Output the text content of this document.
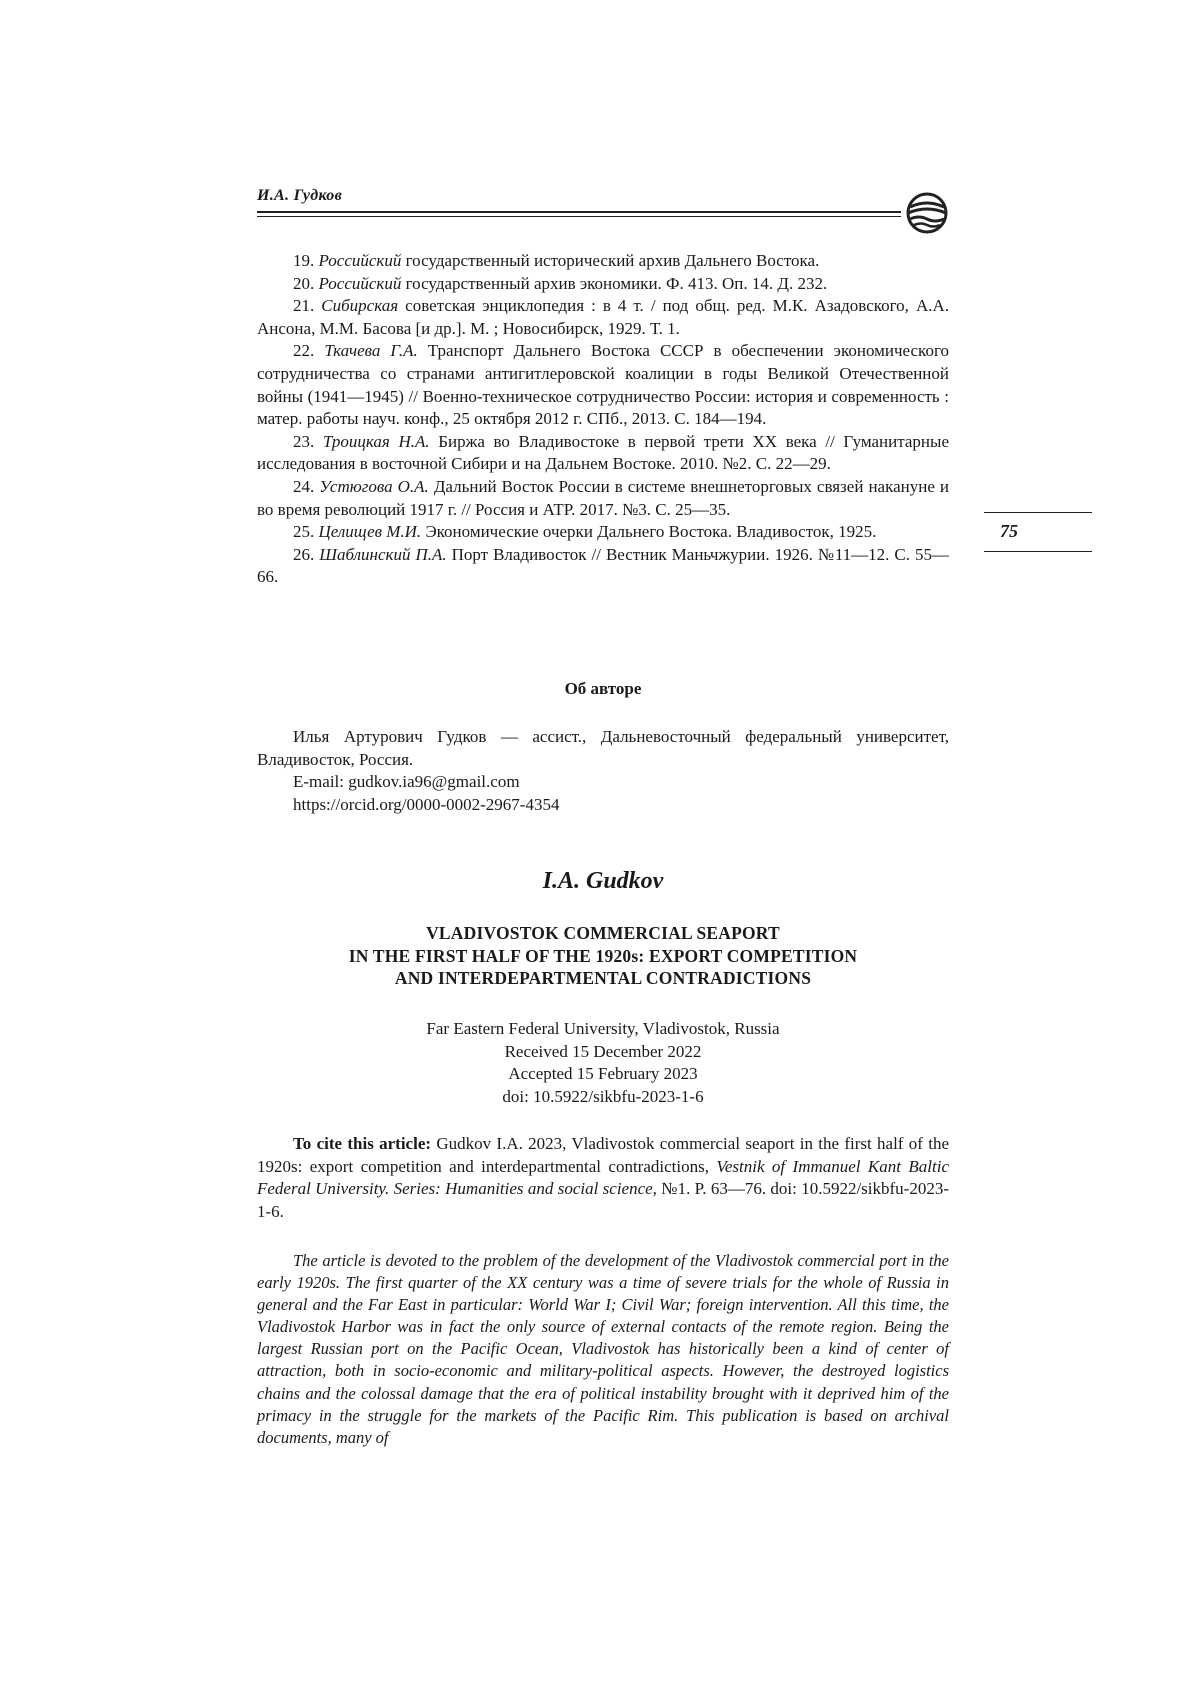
И.А. Гудков

19. Российский государственный исторический архив Дальнего Востока.

20. Российский государственный архив экономики. Ф. 413. Оп. 14. Д. 232.

21. Сибирская советская энциклопедия : в 4 т. / под общ. ред. М.К. Азадовского, А.А. Ансона, М.М. Басова [и др.]. М. ; Новосибирск, 1929. Т. 1.

22. Ткачева Г.А. Транспорт Дальнего Востока СССР в обеспечении экономического сотрудничества со странами антигитлеровской коалиции в годы Великой Отечественной войны (1941—1945) // Военно-техническое сотрудничество России: история и современность : матер. работы науч. конф., 25 октября 2012 г. СПб., 2013. С. 184—194.

23. Троицкая Н.А. Биржа во Владивостоке в первой трети XX века // Гуманитарные исследования в восточной Сибири и на Дальнем Востоке. 2010. №2. С. 22—29.

24. Устюгова О.А. Дальний Восток России в системе внешнеторговых связей накануне и во время революций 1917 г. // Россия и АТР. 2017. №3. С. 25—35.

25. Целищев М.И. Экономические очерки Дальнего Востока. Владивосток, 1925.

26. Шаблинский П.А. Порт Владивосток // Вестник Маньчжурии. 1926. №11—12. С. 55—66.

75
Об авторе

Илья Артурович Гудков — ассист., Дальневосточный федеральный университет, Владивосток, Россия.

E-mail: gudkov.ia96@gmail.com

https://orcid.org/0000-0002-2967-4354

I.A. Gudkov
VLADIVOSTOK COMMERCIAL SEAPORT
IN THE FIRST HALF OF THE 1920s: EXPORT COMPETITION
AND INTERDEPARTMENTAL CONTRADICTIONS
Far Eastern Federal University, Vladivostok, Russia
Received 15 December 2022
Accepted 15 February 2023
doi: 10.5922/sikbfu-2023-1-6

To cite this article: Gudkov I.A. 2023, Vladivostok commercial seaport in the first half of the 1920s: export competition and interdepartmental contradictions, Vestnik of Immanuel Kant Baltic Federal University. Series: Humanities and social science, №1. P. 63—76. doi: 10.5922/sikbfu-2023-1-6.

The article is devoted to the problem of the development of the Vladivostok commercial port in the early 1920s. The first quarter of the XX century was a time of severe trials for the whole of Russia in general and the Far East in particular: World War I; Civil War; foreign intervention. All this time, the Vladivostok Harbor was in fact the only source of external contacts of the remote region. Being the largest Russian port on the Pacific Ocean, Vladivostok has historically been a kind of center of attraction, both in socio-economic and military-political aspects. However, the destroyed logistics chains and the colossal damage that the era of political instability brought with it deprived him of the primacy in the struggle for the markets of the Pacific Rim. This publication is based on archival documents, many of
